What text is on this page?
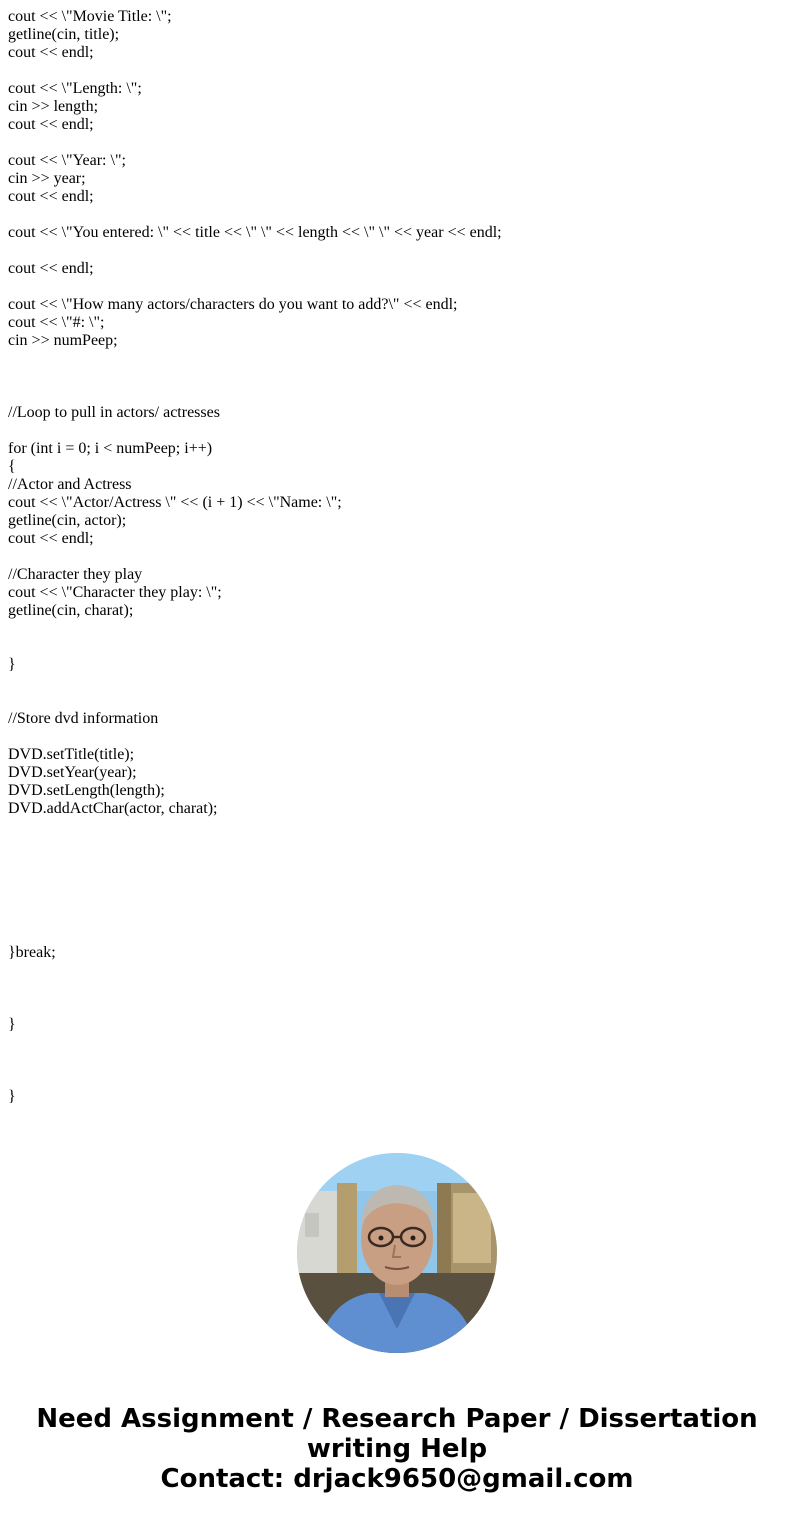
cout << \"Movie Title: \";
getline(cin, title);
cout << endl;
cout << \"Length: \";
cin >> length;
cout << endl;
cout << \"Year: \";
cin >> year;
cout << endl;
cout << \"You entered: \" << title << \" \" << length << \" \" << year << endl;
cout << endl;
cout << \"How many actors/characters do you want to add?\" << endl;
cout << \"#: \";
cin >> numPeep;
//Loop to pull in actors/ actresses
for (int i = 0; i < numPeep; i++)
{
//Actor and Actress
cout << \"Actor/Actress \" << (i + 1) << \"Name: \";
getline(cin, actor);
cout << endl;
//Character they play
cout << \"Character they play: \";
getline(cin, charat);
}
//Store dvd information
DVD.setTitle(title);
DVD.setYear(year);
DVD.setLength(length);
DVD.addActChar(actor, charat);
}break;
}
}
Need Assignment / Research Paper / Dissertation
writing Help
Contact: drjack9650@gmail.com
